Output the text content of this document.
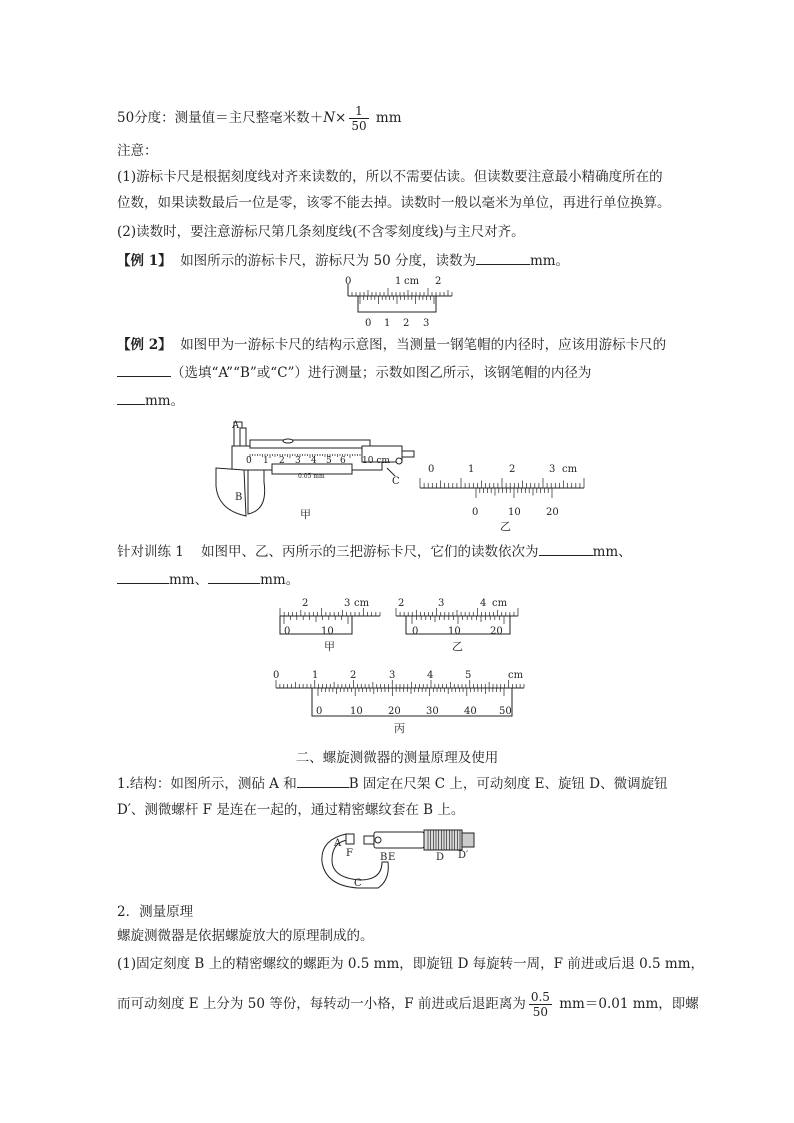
50分度：测量值＝主尺整毫米数$+N\times \frac{1}{50}$ mm
注意：
(1)游标卡尺是根据刻度线对齐来读数的，所以不需要估读。但读数要注意最小精确度所在的
位数，如果读数最后一位是零，该零不能去掉。读数时一般以毫米为单位，再进行单位换算。
(2)读数时，要注意游标尺第几条刻度线(不含零刻度线)与主尺对齐。
【例 1】 如图所示的游标卡尺，游标尺为 50 分度，读数为	mm。
0	1 cm 2
0 1 2 3
【例 2】 如图甲为一游标卡尺的结构示意图，当测量一钢笔帽的内径时，应该用游标卡尺的
（选填“A”“B”或“C”）进行测量；示数如图乙所示，该钢笔帽的内径为
mm。
A
B
C
0 1 2 3 4 5 6 10 cm
0.05 mm
甲
0	1	2	3 cm
0	10	20
乙
针对训练 1 如图甲、乙、丙所示的三把游标卡尺，它们的读数依次为	mm、
mm、	mm。
2	3 cm
0	10
甲
2	3	4 cm
0	10	20
乙
0	1	2	3	4	5	cm
0	10	20	30	40 50
丙
二、螺旋测微器的测量原理及使用
1.结构：如图所示，测砧 A 和	B 固定在尺架 C 上，可动刻度 E、旋钮 D、微调旋钮
D′、测微螺杆 F 是连在一起的，通过精密螺纹套在 B 上。
A
F	B E	D D′
C
2．测量原理
螺旋测微器是依据螺旋放大的原理制成的。
(1)固定刻度 B 上的精密螺纹的螺距为 0.5 mm，即旋钮 D 每旋转一周，F 前进或后退 0.5 mm，
而可动刻度 E 上分为 50 等份，每转动一小格，F 前进或后退距离为 $\frac{0.5}{50} mm=0.01$ mm，即螺
